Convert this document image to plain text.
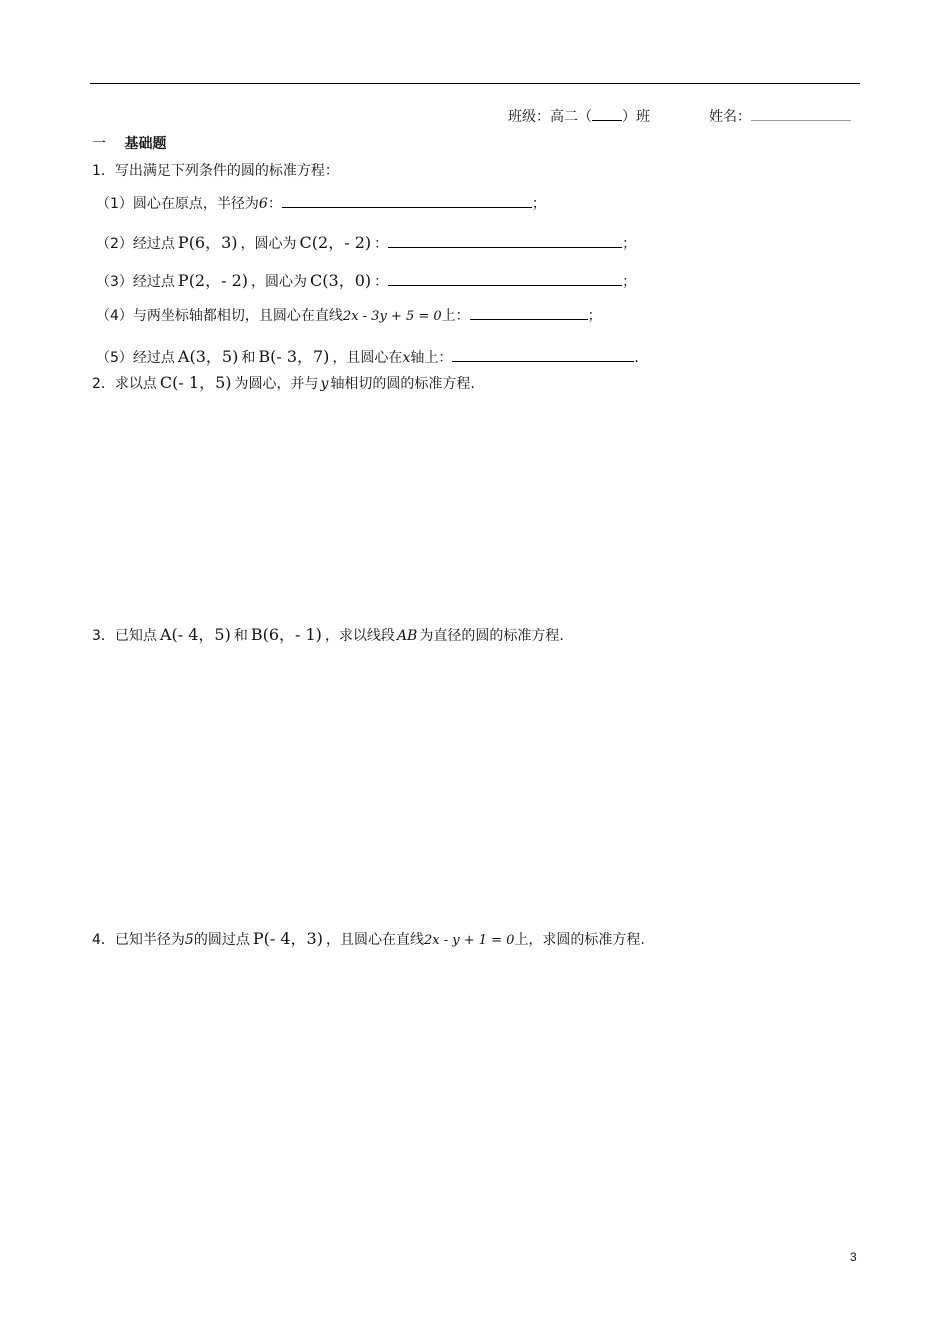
班级：高二（ ）班	姓名：
一 基础题
1．写出满足下列条件的圆的标准方程：
（1）圆心在原点，半径为6：	；
（2）经过点 P(6，3) ，圆心为 C(2，- 2) ：	；
（3）经过点 P(2，- 2) ，圆心为 C(3，0) ：	；
（4）与两坐标轴都相切，且圆心在直线2x - 3y + 5 = 0上：	；
（5）经过点 A(3，5) 和 B(- 3，7) ，且圆心在x轴上：	.
2．求以点 C(- 1，5) 为圆心，并与 y 轴相切的圆的标准方程.
3．已知点 A(- 4，5) 和 B(6，- 1) ，求以线段 AB 为直径的圆的标准方程.
4．已知半径为5的圆过点 P(- 4，3) ，且圆心在直线2x - y + 1 = 0上，求圆的标准方程.
3
